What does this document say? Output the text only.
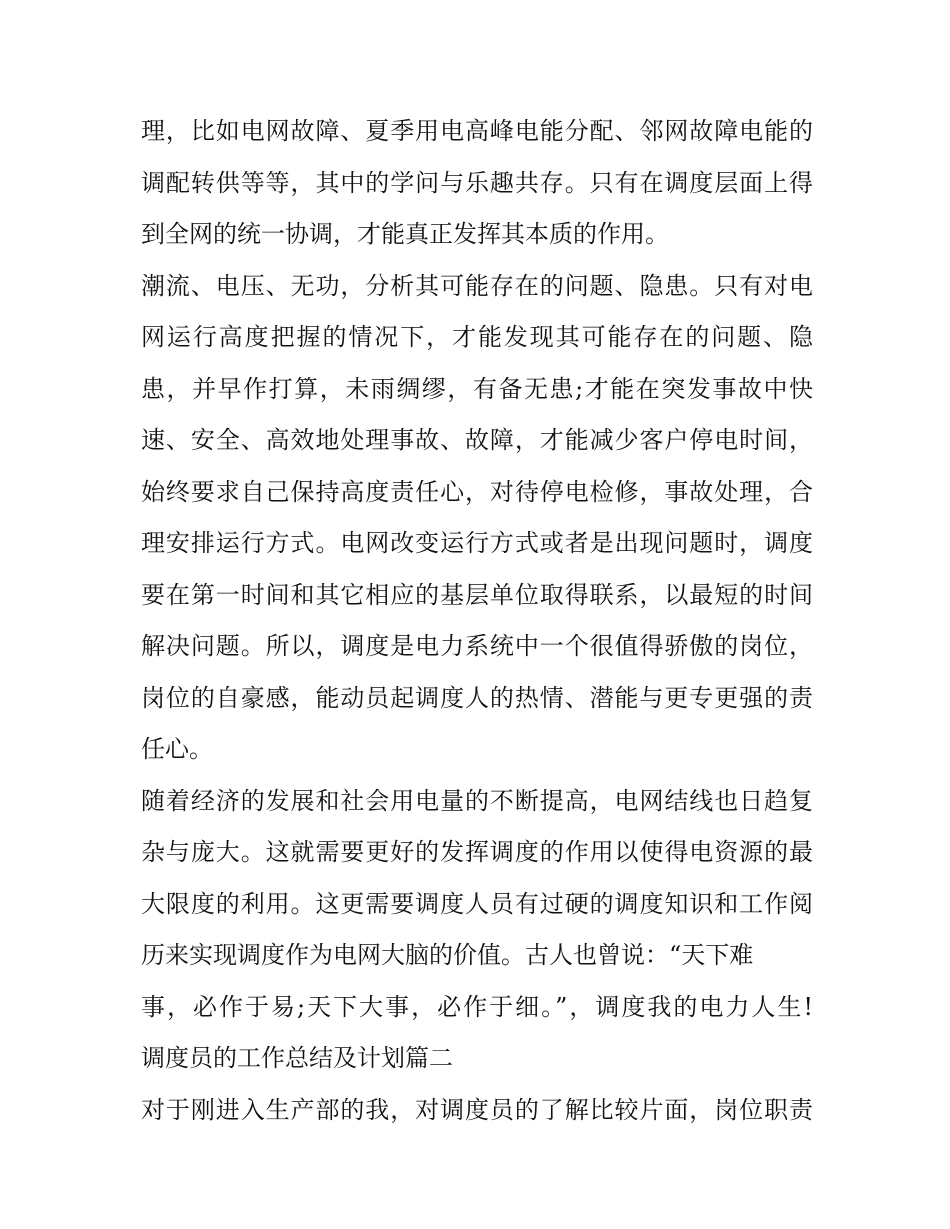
理，比如电网故障、夏季用电高峰电能分配、邻网故障电能的
调配转供等等，其中的学问与乐趣共存。只有在调度层面上得
到全网的统一协调，才能真正发挥其本质的作用。
潮流、电压、无功，分析其可能存在的问题、隐患。只有对电
网运行高度把握的情况下，才能发现其可能存在的问题、隐
患，并早作打算，未雨绸缪，有备无患;才能在突发事故中快
速、安全、高效地处理事故、故障，才能减少客户停电时间，
始终要求自己保持高度责任心，对待停电检修，事故处理，合
理安排运行方式。电网改变运行方式或者是出现问题时，调度
要在第一时间和其它相应的基层单位取得联系，以最短的时间
解决问题。所以，调度是电力系统中一个很值得骄傲的岗位，
岗位的自豪感，能动员起调度人的热情、潜能与更专更强的责
任心。
随着经济的发展和社会用电量的不断提高，电网结线也日趋复
杂与庞大。这就需要更好的发挥调度的作用以使得电资源的最
大限度的利用。这更需要调度人员有过硬的调度知识和工作阅
历来实现调度作为电网大脑的价值。古人也曾说：“天下难
事，必作于易;天下大事，必作于细。”，调度我的电力人生!
调度员的工作总结及计划篇二
对于刚进入生产部的我，对调度员的了解比较片面，岗位职责
